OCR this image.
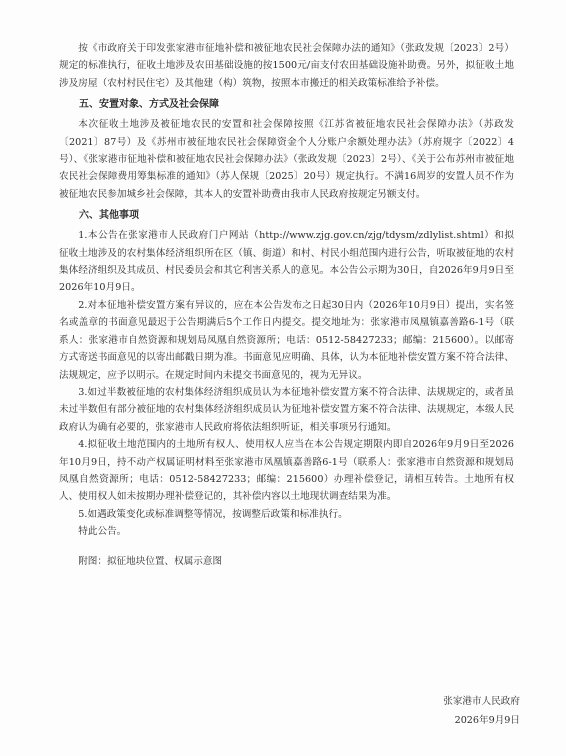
按《市政府关于印发张家港市征地补偿和被征地农民社会保障办法的通知》（张政发规〔2023〕2号）规定的标准执行，征收土地涉及农田基础设施的按1500元/亩支付农田基础设施补助费。另外，拟征收土地涉及房屋（农村村民住宅）及其他建（构）筑物，按照本市搬迁的相关政策标准给予补偿。

五、安置对象、方式及社会保障

本次征收土地涉及被征地农民的安置和社会保障按照《江苏省被征地农民社会保障办法》（苏政发〔2021〕87号）及《苏州市被征地农民社会保障资金个人分账户余额处理办法》（苏府规字〔2022〕4号）、《张家港市征地补偿和被征地农民社会保障办法》（张政发规〔2023〕2号）、《关于公布苏州市被征地农民社会保障费用筹集标准的通知》（苏人保规〔2025〕20号）规定执行。不满16周岁的安置人员不作为被征地农民参加城乡社会保障，其本人的安置补助费由我市人民政府按规定另额支付。

六、其他事项

1.本公告在张家港市人民政府门户网站（http://www.zjg.gov.cn/zjg/tdysm/zdlylist.shtml）和拟征收土地涉及的农村集体经济组织所在区（镇、街道）和村、村民小组范围内进行公告，听取被征地的农村集体经济组织及其成员、村民委员会和其它利害关系人的意见。本公告公示期为30日，自2026年9月9日至2026年10月9日。

2.对本征地补偿安置方案有异议的，应在本公告发布之日起30日内（2026年10月9日）提出，实名签名或盖章的书面意见最迟于公告期满后5个工作日内提交。提交地址为：张家港市凤凰镇嘉善路6-1号（联系人：张家港市自然资源和规划局凤凰自然资源所；电话：0512-58427233；邮编：215600）。以邮寄方式寄送书面意见的以寄出邮戳日期为准。书面意见应明确、具体，认为本征地补偿安置方案不符合法律、法规规定，应予以明示。在规定时间内未提交书面意见的，视为无异议。

3.如过半数被征地的农村集体经济组织成员认为本征地补偿安置方案不符合法律、法规规定的，或者虽未过半数但有部分被征地的农村集体经济组织成员认为征地补偿安置方案不符合法律、法规规定，本级人民政府认为确有必要的，张家港市人民政府将依法组织听证，相关事项另行通知。

4.拟征收土地范围内的土地所有权人、使用权人应当在本公告规定期限内即自2026年9月9日至2026年10月9日，持不动产权属证明材料至张家港市凤凰镇嘉善路6-1号（联系人：张家港市自然资源和规划局凤凰自然资源所；电话：0512-58427233；邮编：215600）办理补偿登记，请相互转告。土地所有权人、使用权人如未按期办理补偿登记的，其补偿内容以土地现状调查结果为准。

5.如遇政策变化或标准调整等情况，按调整后政策和标准执行。

特此公告。

附图：拟征地块位置、权属示意图

张家港市人民政府
2026年9月9日
